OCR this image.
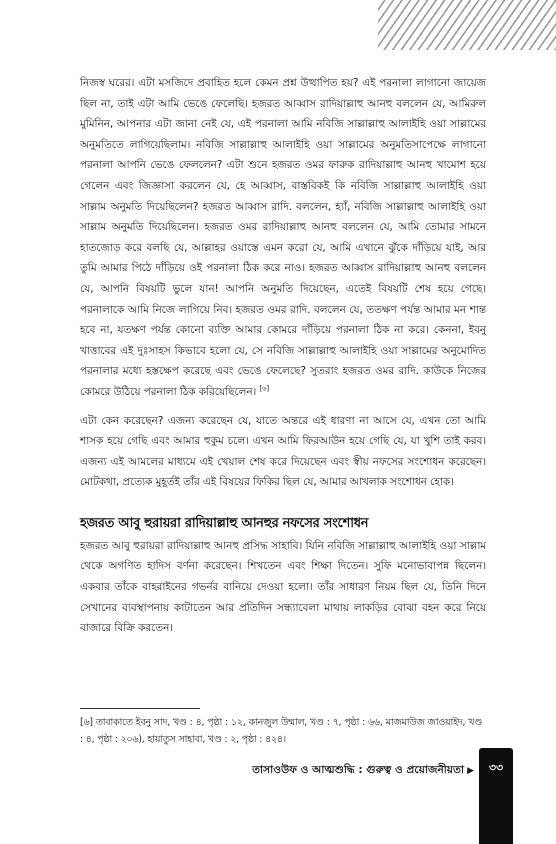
নিজস্ব ঘরের। এটা মসজিদে প্রবাহিত হলে কেমন প্রশ্ন উত্থাপিত হয়? এই পরনালা লাগানো জায়েজ ছিল না, তাই এটা আমি ভেঙে ফেলেছি। হজরত আব্বাস রাদিয়াল্লাহু আনহু বললেন যে, আমিরুল মুমিনিন, আপনার এটা জানা নেই যে, এই পরনালা আমি নবিজি সাল্লাল্লাহু আলাইহি ওয়া সাল্লামের অনুমতিতে লাগিয়েছিলাম। নবিজি সাল্লাল্লাহু আলাইহি ওয়া সাল্লামের অনুমতিসাপেক্ষে লাগানো পরনালা আপনি ভেঙে ফেললেন? এটা শুনে হজরত ওমর ফারুক রাদিয়াল্লাহু আনহু খামোশ হয়ে গেলেন এবং জিজ্ঞাসা করলেন যে, হে আব্বাস, বাস্তবিকই কি নবিজি সাল্লাল্লাহু আলাইহি ওয়া সাল্লাম অনুমতি দিয়েছিলেন? হজরত আব্বাস রাদি. বললেন, হ্যাঁ, নবিজি সাল্লাল্লাহু আলাইহি ওয়া সাল্লাম অনুমতি দিয়েছিলেন। হজরত ওমর রাদিয়াল্লাহু আনহু বললেন যে, আমি তোমার সামনে হাতজোড় করে বলছি যে, আল্লাহর ওয়াস্তে এমন করো যে, আমি এখানে ঝুঁকে দাঁড়িয়ে যাই, আর তুমি আমার পিঠে দাঁড়িয়ে ওই পরনালা ঠিক করে নাও। হজরত আব্বাস রাদিয়াল্লাহু আনহু বললেন যে, আপনি বিষয়টি ভুলে যান! আপনি অনুমতি দিয়েছেন, এতেই বিষয়টি শেষ হয়ে গেছে। পরনালাকে আমি নিজে লাগিয়ে নিব। হজরত ওমর রাদি. বললেন যে, ততক্ষণ পর্যন্ত আমার মন শান্ত হবে না, যতক্ষণ পর্যন্ত কোনো ব্যক্তি আমার কোমরে দাঁড়িয়ে পরনালা ঠিক না করে। কেননা, ইবনু খাত্তাবের এই দুঃসাহস কিভাবে হলো যে, সে নবিজি সাল্লাল্লাহু আলাইহি ওয়া সাল্লামের অনুমোদিত পরনালার মধ্যে হস্তক্ষেপ করেছে এবং ভেঙে ফেলেছে? সুতরাং হজরত ওমর রাদি. কাউকে নিজের কোমরে উঠিয়ে পরনালা ঠিক করিয়েছিলেন। [৬]

এটা কেন করেছেন? এজন্য করেছেন যে, যাতে অন্তরে এই ধারণা না আসে যে, এখন তো আমি শাসক হয়ে গেছি এবং আমার হুকুম চলে। এখন আমি ফিরআউন হয়ে গেছি যে, যা খুশি তাই করব। এজন্য এই আমলের মাধ্যমে এই খেয়াল শেষ করে দিয়েছেন এবং স্বীয় নফসের সংশোধন করেছেন। মোটকথা, প্রত্যেক মুহূর্তই তাঁর এই বিষয়ের ফিকির ছিল যে, আমার আখলাক সংশোধন হোক।

হজরত আবু হুরায়রা রাদিয়াল্লাহু আনহুর নফসের সংশোধন

হজরত আবু হুরায়রা রাদিয়াল্লাহু আনহু প্রসিদ্ধ সাহাবি। যিনি নবিজি সাল্লাল্লাহু আলাইহি ওয়া সাল্লাম থেকে অগণিত হাদিস বর্ণনা করেছেন। শিখতেন এবং শিক্ষা দিতেন। সুফি মনোভাবাপন্ন ছিলেন। একবার তাঁকে বাহরাইনের গভর্নর বানিয়ে দেওয়া হলো। তাঁর সাধারণ নিয়ম ছিল যে, তিনি দিনে সেখানের ব্যবস্থাপনায় কাটাতেন আর প্রতিদিন সন্ধ্যাবেলা মাথায় লাকড়ির বোঝা বহন করে নিয়ে বাজারে বিক্রি করতেন।

[৬] তাবাকাতে ইবনু সাদ, খণ্ড : ৪, পৃষ্ঠা : ১২, কানজুল উম্মাল, খণ্ড : ৭, পৃষ্ঠা : ৬৬, মাজমাউজ জাওয়াইদ, খণ্ড : ৪, পৃষ্ঠা : ২০৬), হায়াতুস সাহাবা, খণ্ড : ২, পৃষ্ঠা : ৪২৪।

তাসাওউফ ও আত্মশুদ্ধি : গুরুত্ব ও প্রয়োজনীয়তা ▶	৩৩
